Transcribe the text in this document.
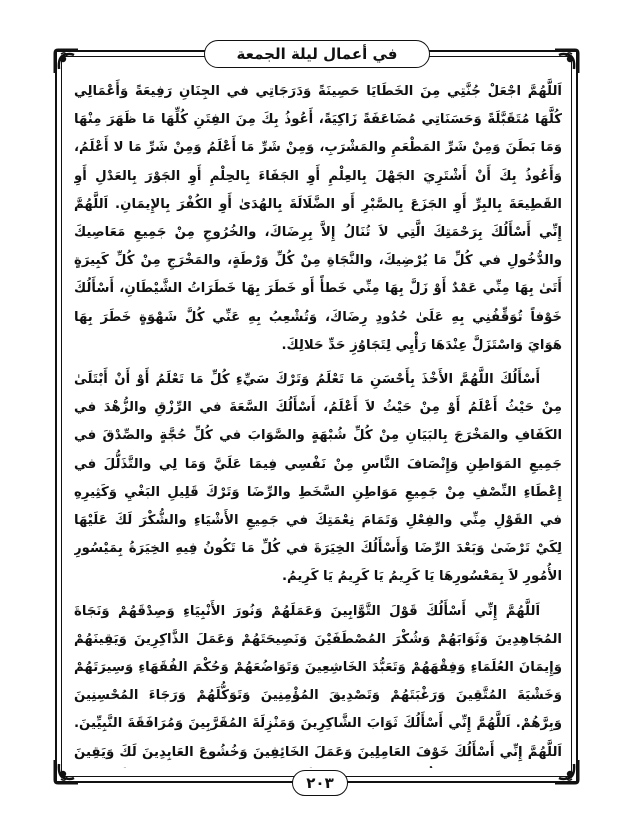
في أعمال ليلة الجمعة

اَللَّهُمَّ اجْعَلْ جُنَّتِي مِنَ الخَطَايَا حَصِينَةً وَدَرَجَاتِي في الجِنَانِ رَفِيعَةً وَأَعْمَالِي كُلَّهَا مُتَقَبَّلَةً وَحَسَنَاتِي مُضَاعَفَةً زَاكِيَةً، أَعُوذُ بِكَ مِنَ الفِتَنِ كُلِّهَا مَا ظَهَرَ مِنْهَا وَمَا بَطَنَ وَمِنْ شَرِّ المَطْعَمِ والمَشْرَبِ، وَمِنْ شَرِّ مَا أَعْلَمُ وَمِنْ شَرِّ مَا لا أَعْلَمُ، وَأَعُوذُ بِكَ أَنْ أَشْتَرِيَ الجَهْلَ بِالعِلْمِ أَوِ الجَفَاءَ بِالحِلْمِ أَوِ الجَوْرَ بِالعَدْلِ أَوِ القَطِيعَةَ بِالبِرِّ أَوِ الجَزَعَ بِالصَّبْرِ أَو الضَّلَالَةَ بِالهُدَىٰ أَوِ الكُفْرَ بِالإِيمَانِ. اَللَّهُمَّ إِنِّي أَسْأَلُكَ بِرَحْمَتِكَ الَّتِي لاَ تُنَالُ إِلاَّ بِرِضَاكَ، والخُرُوجِ مِنْ جَمِيعِ مَعَاصِيكَ والدُّخُولِ في كُلِّ مَا يُرْضِيكَ، والنَّجَاةِ مِنْ كُلِّ وَرْطَةٍ، والمَخْرَجِ مِنْ كُلِّ كَبِيرَةٍ أَتَىٰ بِهَا مِنِّي عَمْدٌ أَوْ زَلَّ بِهَا مِنِّي خَطأً أَو خَطَرَ بِهَا خَطَرَاتُ الشَّيْطَانِ، أَسْأَلُكَ خَوْفاً تُوَقِّفُنِي بِهِ عَلَىٰ حُدُودِ رِضَاكَ، وَتُشْعِبُ بِهِ عَنِّي كُلَّ شَهْوَةٍ خَطَرَ بِهَا هَوَايَ وَاسْتَزَلَّ عِنْدَهَا رَأْيِي لِتَجَاوُزِ حَدِّ حَلالِكَ.

أَسْأَلُكَ اللَّهُمَّ الأَخْذَ بِأَحْسَنِ مَا تَعْلَمُ وَتَرْكَ سَيِّءِ كُلِّ مَا تَعْلَمُ أَوْ أَنْ أَبْتَلَىٰ مِنْ حَيْثُ أَعْلَمُ أَوْ مِنْ حَيْثُ لاَ أَعْلَمُ، أَسْأَلُكَ السَّعَةَ في الرِّزْقِ والزُّهْدَ في الكَفَافِ والمَخْرَجَ بِالبَيَانِ مِنْ كُلِّ شُبْهَةٍ والصَّوَابَ في كُلِّ حُجَّةٍ والصِّدْقَ في جَمِيعِ المَوَاطِنِ وَإِنْصَافَ النَّاسِ مِنْ نَفْسِي فِيمَا عَلَيَّ وَمَا لِي والتَّذَلُّلَ في إِعْطَاءِ النِّصْفِ مِنْ جَمِيعِ مَوَاطِنِ السَّخَطِ والرِّضَا وَتَرْكَ قَلِيلِ البَغْيِ وَكَثِيرِهِ في القَوْلِ مِنِّي والفِعْلِ وَتَمَامَ نِعْمَتِكَ في جَمِيعِ الأَشْيَاءِ والشُّكْرَ لَكَ عَلَيْهَا لِكَيْ تَرْضَىٰ وَبَعْدَ الرِّضَا وَأَسْأَلُكَ الخِيَرَةَ في كُلِّ مَا تَكُونُ فِيهِ الخِيَرَةُ بِمَيْسُورِ الأُمُورِ لاَ بِمَعْسُورِهَا يَا كَرِيمُ يَا كَرِيمُ يَا كَرِيمُ.

اَللَّهُمَّ إِنِّي أَسْأَلُكَ قَوْلَ التَّوَّابِينَ وَعَمَلَهُمْ وَنُورَ الأَنْبِيَاءِ وَصِدْقَهُمْ وَنَجَاةَ المُجَاهِدِينَ وَثَوَابَهُمْ وَشُكْرَ المُصْطَفَيْنَ وَنَصِيحَتَهُمْ وَعَمَلَ الذَّاكِرِينَ وَيَقِينَهُمْ وَإِيمَانَ العُلَمَاءِ وَفِقْهَهُمْ وَتَعَبُّدَ الخَاشِعِينَ وَتَوَاضُعَهُمْ وَحُكْمَ الفُقَهَاءِ وَسِيرَتَهُمْ وَخَشْيَةَ المُتَّقِينَ وَرَغْبَتَهُمْ وَتَصْدِيقَ المُؤْمِنِينَ وَتَوَكُّلَهُمْ وَرَجَاءَ المُحْسِنِينَ وَبِرَّهُمْ. اَللَّهُمَّ إِنِّي أَسْأَلُكَ ثَوَابَ الشَّاكِرِينَ وَمَنْزِلَةَ المُقَرَّبِينَ وَمُرَافَقَةَ النَّبِيِّينَ. اَللَّهُمَّ إِنِّي أَسْأَلُكَ خَوْفَ العَامِلِينَ وَعَمَلَ الخَائِفِينَ وَخُشُوعَ العَابِدِينَ لَكَ وَيَقِينَ

٢٠٣
